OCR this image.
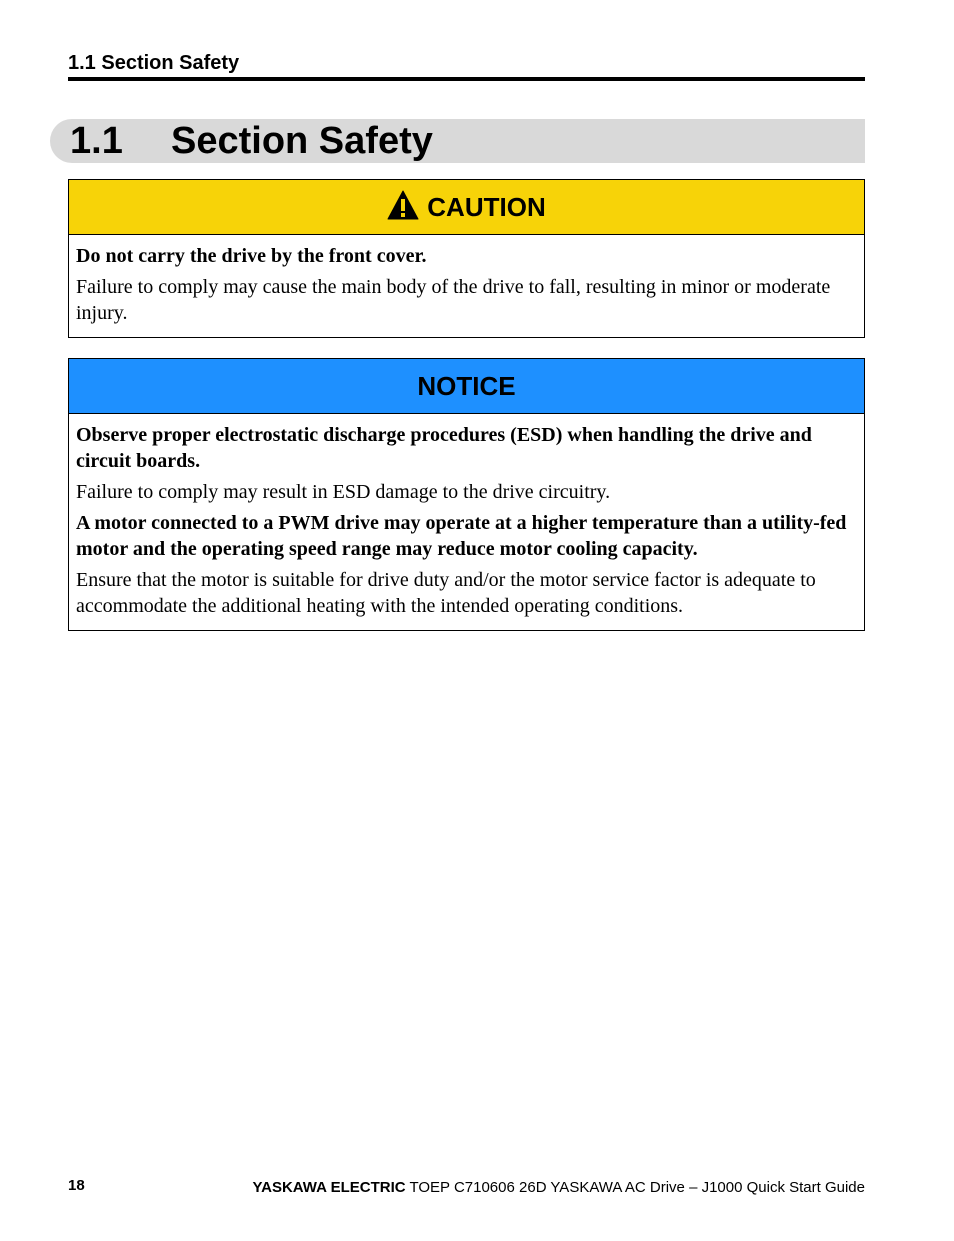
1.1 Section Safety
1.1 Section Safety
CAUTION

Do not carry the drive by the front cover.

Failure to comply may cause the main body of the drive to fall, resulting in minor or moderate injury.

NOTICE

Observe proper electrostatic discharge procedures (ESD) when handling the drive and circuit boards.

Failure to comply may result in ESD damage to the drive circuitry.

A motor connected to a PWM drive may operate at a higher temperature than a utility-fed motor and the operating speed range may reduce motor cooling capacity.

Ensure that the motor is suitable for drive duty and/or the motor service factor is adequate to accommodate the additional heating with the intended operating conditions.

18	YASKAWA ELECTRIC TOEP C710606 26D YASKAWA AC Drive – J1000 Quick Start Guide
